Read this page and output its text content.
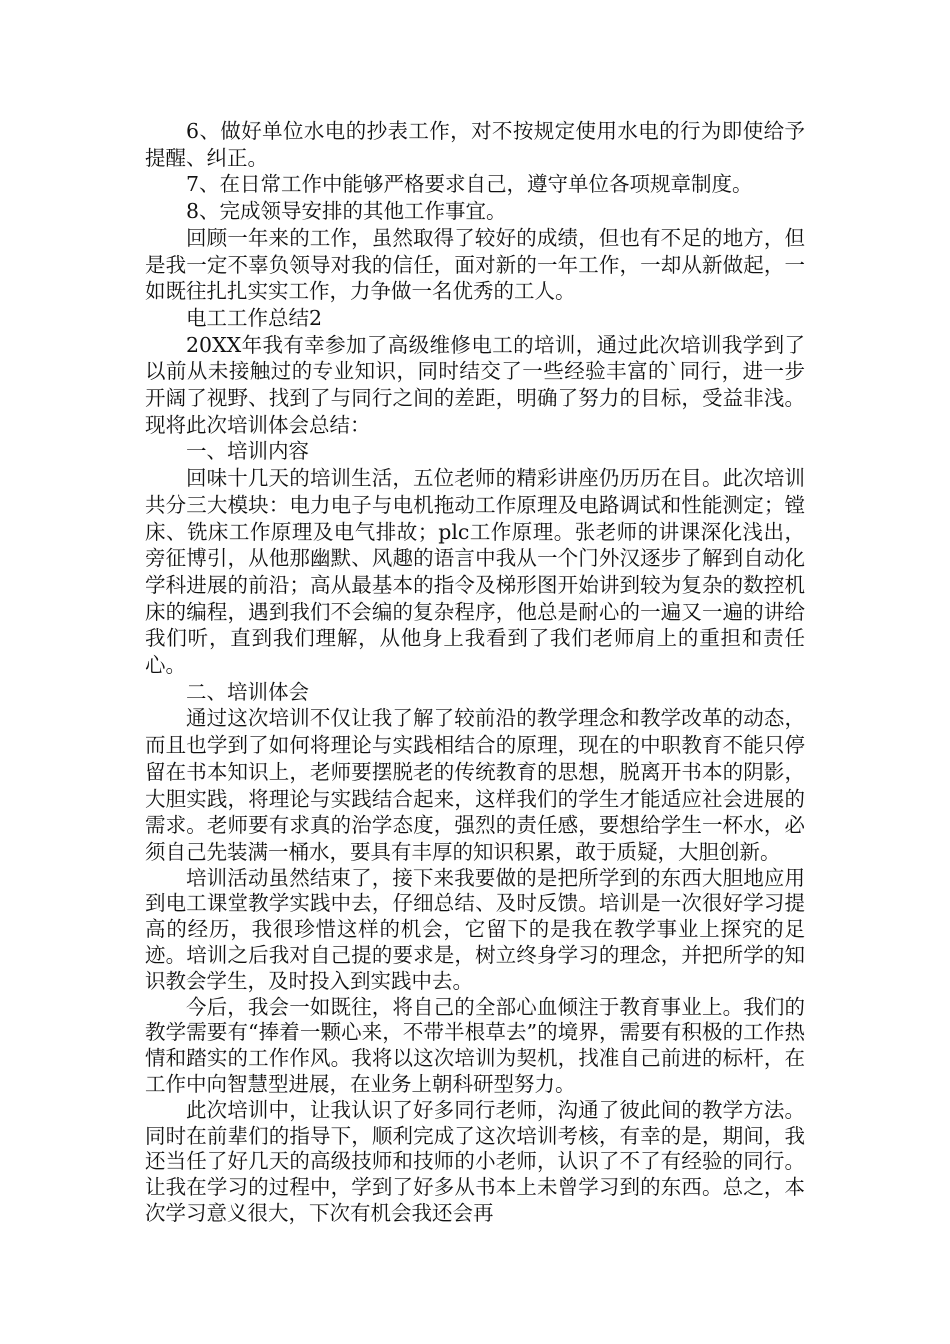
6、做好单位水电的抄表工作，对不按规定使用水电的行为即使给予提醒、纠正。

7、在日常工作中能够严格要求自己，遵守单位各项规章制度。

8、完成领导安排的其他工作事宜。

回顾一年来的工作，虽然取得了较好的成绩，但也有不足的地方，但是我一定不辜负领导对我的信任，面对新的一年工作，一却从新做起，一如既往扎扎实实工作，力争做一名优秀的工人。

电工工作总结2

20XX年我有幸参加了高级维修电工的培训，通过此次培训我学到了以前从未接触过的专业知识，同时结交了一些经验丰富的`同行，进一步开阔了视野、找到了与同行之间的差距，明确了努力的目标，受益非浅。现将此次培训体会总结：

一、培训内容

回味十几天的培训生活，五位老师的精彩讲座仍历历在目。此次培训共分三大模块：电力电子与电机拖动工作原理及电路调试和性能测定；镗床、铣床工作原理及电气排故；plc工作原理。张老师的讲课深化浅出，旁征博引，从他那幽默、风趣的语言中我从一个门外汉逐步了解到自动化学科进展的前沿；高从最基本的指令及梯形图开始讲到较为复杂的数控机床的编程，遇到我们不会编的复杂程序，他总是耐心的一遍又一遍的讲给我们听，直到我们理解，从他身上我看到了我们老师肩上的重担和责任心。

二、培训体会

通过这次培训不仅让我了解了较前沿的教学理念和教学改革的动态，而且也学到了如何将理论与实践相结合的原理，现在的中职教育不能只停留在书本知识上，老师要摆脱老的传统教育的思想，脱离开书本的阴影，大胆实践，将理论与实践结合起来，这样我们的学生才能适应社会进展的需求。老师要有求真的治学态度，强烈的责任感，要想给学生一杯水，必须自己先装满一桶水，要具有丰厚的知识积累，敢于质疑，大胆创新。

培训活动虽然结束了，接下来我要做的是把所学到的东西大胆地应用到电工课堂教学实践中去，仔细总结、及时反馈。培训是一次很好学习提高的经历，我很珍惜这样的机会，它留下的是我在教学事业上探究的足迹。培训之后我对自己提的要求是，树立终身学习的理念，并把所学的知识教会学生，及时投入到实践中去。

今后，我会一如既往，将自己的全部心血倾注于教育事业上。我们的教学需要有“捧着一颗心来，不带半根草去”的境界，需要有积极的工作热情和踏实的工作作风。我将以这次培训为契机，找准自己前进的标杆，在工作中向智慧型进展，在业务上朝科研型努力。

此次培训中，让我认识了好多同行老师，沟通了彼此间的教学方法。同时在前辈们的指导下，顺利完成了这次培训考核，有幸的是，期间，我还当任了好几天的高级技师和技师的小老师，认识了不了有经验的同行。让我在学习的过程中，学到了好多从书本上未曾学习到的东西。总之，本次学习意义很大，下次有机会我还会再
